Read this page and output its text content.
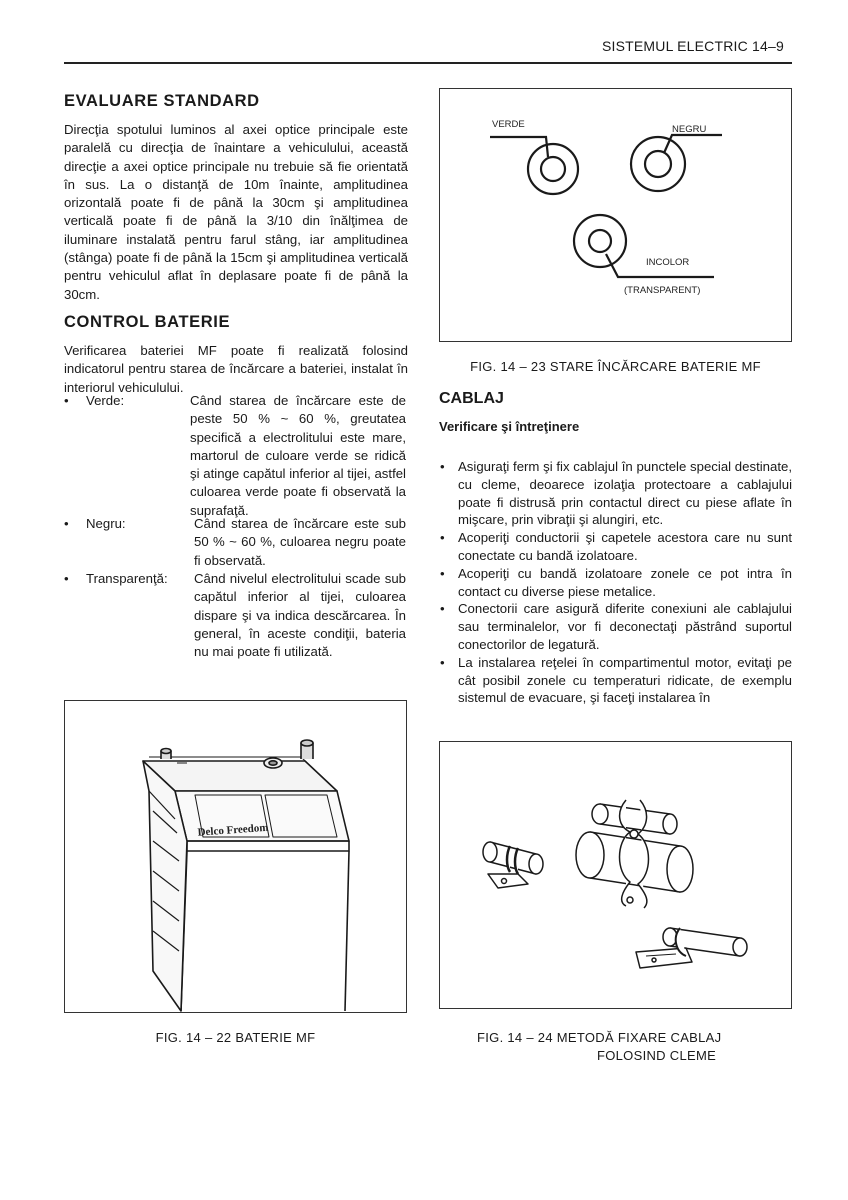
SISTEMUL ELECTRIC 14–9
EVALUARE STANDARD
Direcţia spotului luminos al axei optice principale este paralelă cu direcţia de înaintare a vehiculului, această direcţie a axei optice principale nu trebuie să fie orientată în sus. La o distanţă de 10m înainte, amplitudinea orizontală poate fi de până la 30cm şi amplitudinea verticală poate fi de până la 3/10 din înălţimea de iluminare instalată pentru farul stâng, iar amplitudinea (stânga) poate fi de până la 15cm şi amplitudinea verticală pentru vehiculul aflat în deplasare poate fi de până la 30cm.
CONTROL BATERIE
Verificarea bateriei MF poate fi realizată folosind indicatorul pentru starea de încărcare a bateriei, instalat în interiorul vehiculului.
• Verde:	Când starea de încărcare este de peste 50 % ~ 60 %, greutatea specifică a electrolitului este mare, martorul de culoare verde se ridică şi atinge capătul inferior al tijei, astfel culoarea verde poate fi observată la suprafaţă.
• Negru:	Când starea de încărcare este sub 50 % ~ 60 %, culoarea negru poate fi observată.
• Transparenţă: Când nivelul electrolitului scade sub capătul inferior al tijei, culoarea dispare şi va indica descărcarea. În general, în aceste condiţii, bateria nu mai poate fi utilizată.
Delco Freedom
FIG. 14 – 22 BATERIE MF
VERDE	NEGRU
INCOLOR
(TRANSPARENT)
FIG. 14 – 23 STARE ÎNCĂRCARE BATERIE MF
CABLAJ
Verificare şi întreţinere
• Asiguraţi ferm şi fix cablajul în punctele special destinate, cu cleme, deoarece izolaţia protectoare a cablajului poate fi distrusă prin contactul direct cu piese aflate în mişcare, prin vibraţii şi alungiri, etc.
• Acoperiţi conductorii şi capetele acestora care nu sunt conectate cu bandă izolatoare.
• Acoperiţi cu bandă izolatoare zonele ce pot intra în contact cu diverse piese metalice.
• Conectorii care asigură diferite conexiuni ale cablajului sau terminalelor, vor fi deconectaţi păstrând suportul conectorilor de legatură.
• La instalarea reţelei în compartimentul motor, evitaţi pe cât posibil zonele cu temperaturi ridicate, de exemplu sistemul de evacuare, şi faceţi instalarea în
FIG. 14 – 24 METODĂ FIXARE CABLAJ
FOLOSIND CLEME
